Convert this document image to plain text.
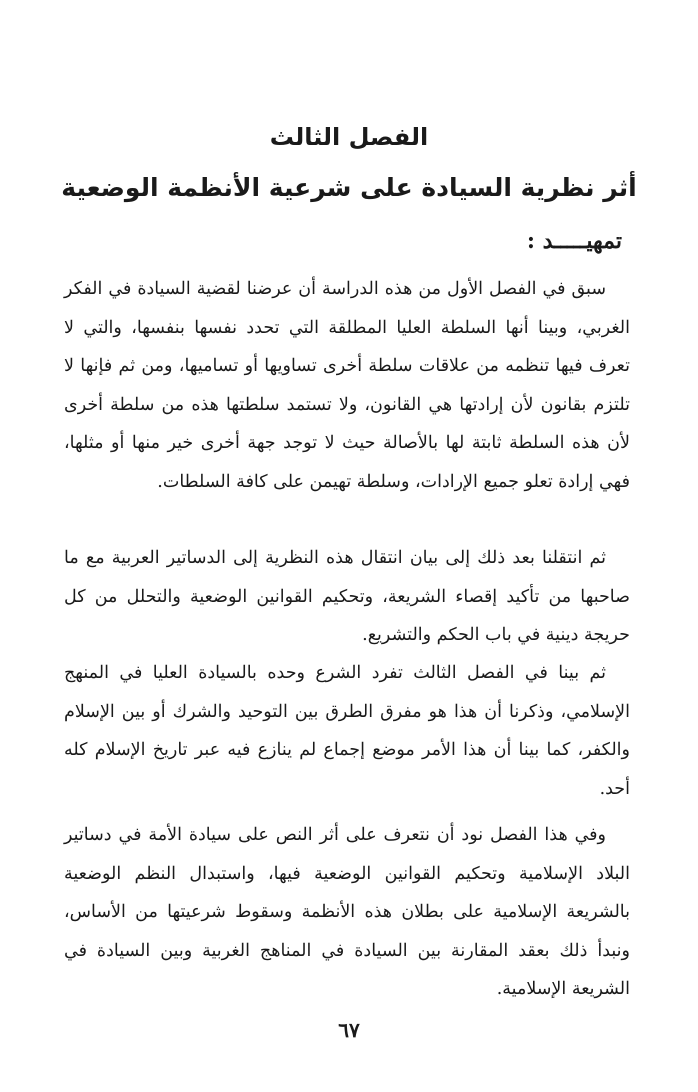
الفصل الثالث
أثر نظرية السيادة على شرعية الأنظمة الوضعية
تمهيـــــد :

سبق في الفصل الأول من هذه الدراسة أن عرضنا لقضية السيادة في الفكر الغربي، وبينا أنها السلطة العليا المطلقة التي تحدد نفسها بنفسها، والتي لا تعرف فيها تنظمه من علاقات سلطة أخرى تساويها أو تساميها، ومن ثم فإنها لا تلتزم بقانون لأن إرادتها هي القانون، ولا تستمد سلطتها هذه من سلطة أخرى لأن هذه السلطة ثابتة لها بالأصالة حيث لا توجد جهة أخرى خير منها أو مثلها، فهي إرادة تعلو جميع الإرادات، وسلطة تهيمن على كافة السلطات.

ثم انتقلنا بعد ذلك إلى بيان انتقال هذه النظرية إلى الدساتير العربية مع ما صاحبها من تأكيد إقصاء الشريعة، وتحكيم القوانين الوضعية والتحلل من كل حريجة دينية في باب الحكم والتشريع.

ثم بينا في الفصل الثالث تفرد الشرع وحده بالسيادة العليا في المنهج الإسلامي، وذكرنا أن هذا هو مفرق الطرق بين التوحيد والشرك أو بين الإسلام والكفر، كما بينا أن هذا الأمر موضع إجماع لم ينازع فيه عبر تاريخ الإسلام كله أحد.

وفي هذا الفصل نود أن نتعرف على أثر النص على سيادة الأمة في دساتير البلاد الإسلامية وتحكيم القوانين الوضعية فيها، واستبدال النظم الوضعية بالشريعة الإسلامية على بطلان هذه الأنظمة وسقوط شرعيتها من الأساس، ونبدأ ذلك بعقد المقارنة بين السيادة في المناهج الغربية وبين السيادة في الشريعة الإسلامية.

٦٧
